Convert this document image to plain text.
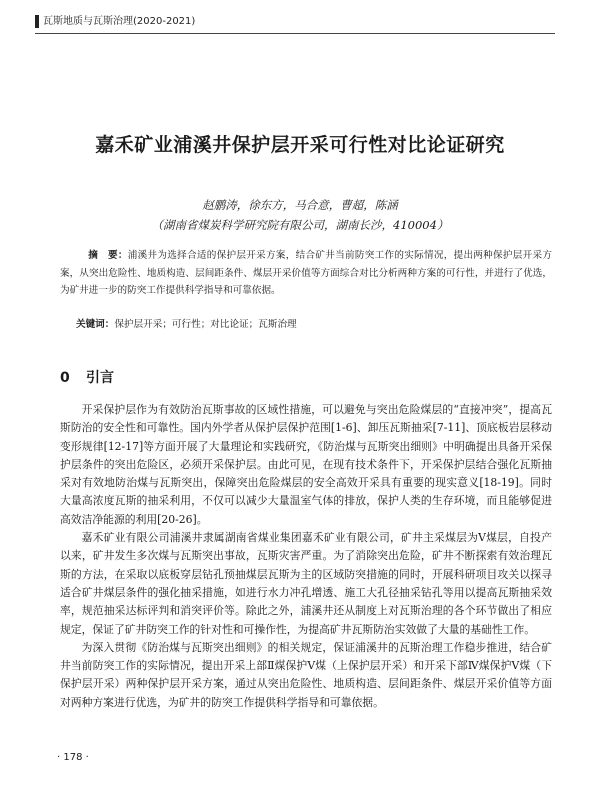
瓦斯地质与瓦斯治理(2020-2021)
嘉禾矿业浦溪井保护层开采可行性对比论证研究
赵鹏涛，徐东方，马合意，曹超，陈涵
（湖南省煤炭科学研究院有限公司，湖南长沙，410004）
摘　要：浦溪井为选择合适的保护层开采方案，结合矿井当前防突工作的实际情况，提出两种保护层开采方案，从突出危险性、地质构造、层间距条件、煤层开采价值等方面综合对比分析两种方案的可行性，并进行了优选，为矿井进一步的防突工作提供科学指导和可靠依据。
关键词：保护层开采；可行性；对比论证；瓦斯治理
0 引言

开采保护层作为有效防治瓦斯事故的区域性措施，可以避免与突出危险煤层的“直接冲突”，提高瓦斯防治的安全性和可靠性。国内外学者从保护层保护范围[1-6]、卸压瓦斯抽采[7-11]、顶底板岩层移动变形规律[12-17]等方面开展了大量理论和实践研究，《防治煤与瓦斯突出细则》中明确提出具备开采保护层条件的突出危险区，必须开采保护层。由此可见，在现有技术条件下，开采保护层结合强化瓦斯抽采对有效地防治煤与瓦斯突出，保障突出危险煤层的安全高效开采具有重要的现实意义[18-19]。同时大量高浓度瓦斯的抽采利用，不仅可以减少大量温室气体的排放，保护人类的生存环境，而且能够促进高效洁净能源的利用[20-26]。

嘉禾矿业有限公司浦溪井隶属湖南省煤业集团嘉禾矿业有限公司，矿井主采煤层为Ⅴ煤层，自投产以来，矿井发生多次煤与瓦斯突出事故，瓦斯灾害严重。为了消除突出危险，矿井不断探索有效治理瓦斯的方法，在采取以底板穿层钻孔预抽煤层瓦斯为主的区域防突措施的同时，开展科研项目攻关以探寻适合矿井煤层条件的强化抽采措施，如进行水力冲孔增透、施工大孔径抽采钻孔等用以提高瓦斯抽采效率，规范抽采达标评判和消突评价等。除此之外，浦溪井还从制度上对瓦斯治理的各个环节做出了相应规定，保证了矿井防突工作的针对性和可操作性，为提高矿井瓦斯防治实效做了大量的基础性工作。

为深入贯彻《防治煤与瓦斯突出细则》的相关规定，保证浦溪井的瓦斯治理工作稳步推进，结合矿井当前防突工作的实际情况，提出开采上部Ⅱ煤保护Ⅴ煤（上保护层开采）和开采下部Ⅳ煤保护Ⅴ煤（下保护层开采）两种保护层开采方案，通过从突出危险性、地质构造、层间距条件、煤层开采价值等方面对两种方案进行优选，为矿井的防突工作提供科学指导和可靠依据。

· 178 ·
